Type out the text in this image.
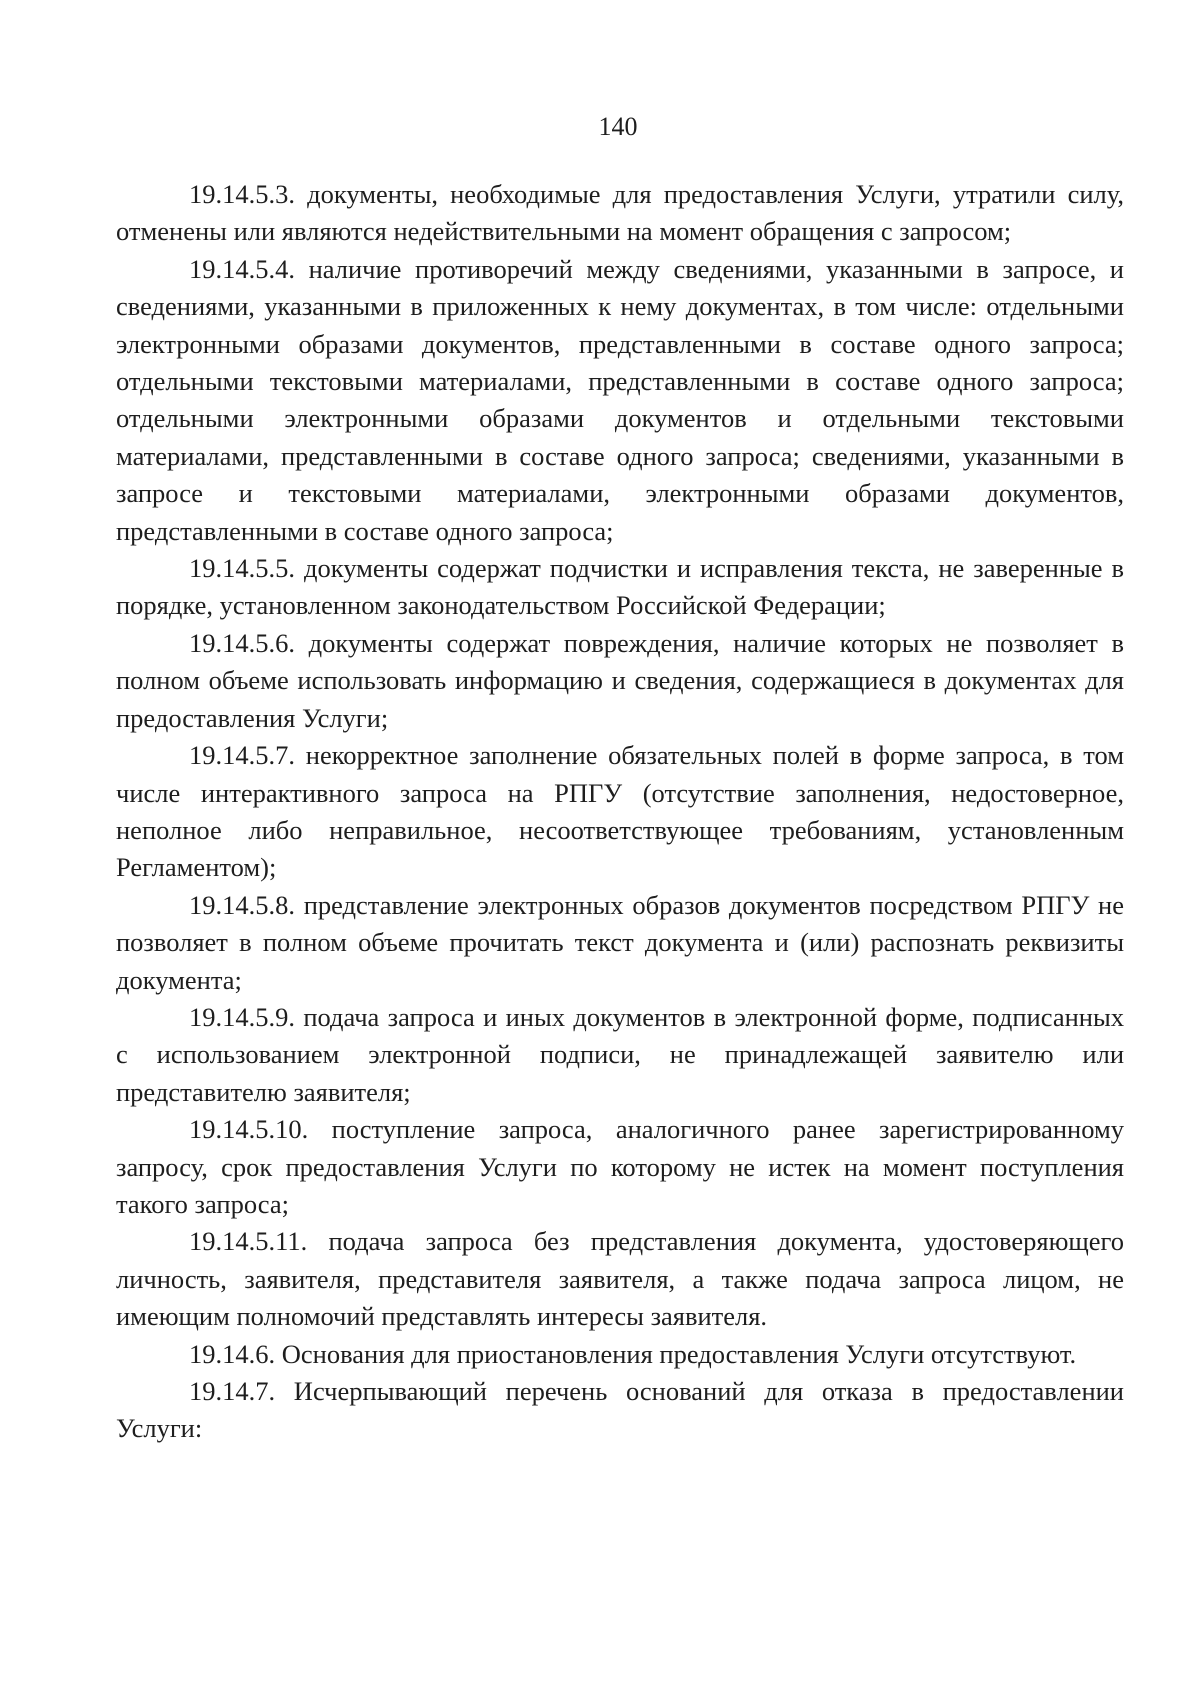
140

19.14.5.3. документы, необходимые для предоставления Услуги, утратили силу, отменены или являются недействительными на момент обращения с запросом;

19.14.5.4. наличие противоречий между сведениями, указанными в запросе, и сведениями, указанными в приложенных к нему документах, в том числе: отдельными электронными образами документов, представленными в составе одного запроса; отдельными текстовыми материалами, представленными в составе одного запроса; отдельными электронными образами документов и отдельными текстовыми материалами, представленными в составе одного запроса; сведениями, указанными в запросе и текстовыми материалами, электронными образами документов, представленными в составе одного запроса;

19.14.5.5. документы содержат подчистки и исправления текста, не заверенные в порядке, установленном законодательством Российской Федерации;

19.14.5.6. документы содержат повреждения, наличие которых не позволяет в полном объеме использовать информацию и сведения, содержащиеся в документах для предоставления Услуги;

19.14.5.7. некорректное заполнение обязательных полей в форме запроса, в том числе интерактивного запроса на РПГУ (отсутствие заполнения, недостоверное, неполное либо неправильное, несоответствующее требованиям, установленным Регламентом);

19.14.5.8. представление электронных образов документов посредством РПГУ не позволяет в полном объеме прочитать текст документа и (или) распознать реквизиты документа;

19.14.5.9. подача запроса и иных документов в электронной форме, подписанных с использованием электронной подписи, не принадлежащей заявителю или представителю заявителя;

19.14.5.10. поступление запроса, аналогичного ранее зарегистрированному запросу, срок предоставления Услуги по которому не истек на момент поступления такого запроса;

19.14.5.11. подача запроса без представления документа, удостоверяющего личность, заявителя, представителя заявителя, а также подача запроса лицом, не имеющим полномочий представлять интересы заявителя.

19.14.6. Основания для приостановления предоставления Услуги отсутствуют.

19.14.7. Исчерпывающий перечень оснований для отказа в предоставлении Услуги:
